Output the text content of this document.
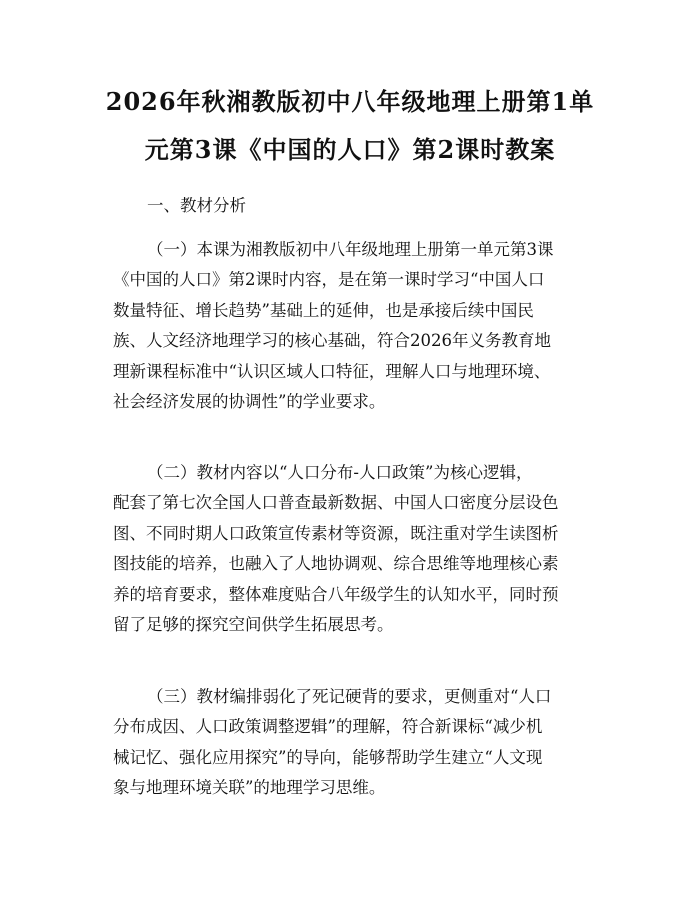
2026年秋湘教版初中八年级地理上册第1单
元第3课《中国的人口》第2课时教案
一、教材分析
（一）本课为湘教版初中八年级地理上册第一单元第3课
《中国的人口》第2课时内容，是在第一课时学习“中国人口
数量特征、增长趋势”基础上的延伸，也是承接后续中国民
族、人文经济地理学习的核心基础，符合2026年义务教育地
理新课程标准中“认识区域人口特征，理解人口与地理环境、
社会经济发展的协调性”的学业要求。
（二）教材内容以“人口分布-人口政策”为核心逻辑，
配套了第七次全国人口普查最新数据、中国人口密度分层设色
图、不同时期人口政策宣传素材等资源，既注重对学生读图析
图技能的培养，也融入了人地协调观、综合思维等地理核心素
养的培育要求，整体难度贴合八年级学生的认知水平，同时预
留了足够的探究空间供学生拓展思考。
（三）教材编排弱化了死记硬背的要求，更侧重对“人口
分布成因、人口政策调整逻辑”的理解，符合新课标“减少机
械记忆、强化应用探究”的导向，能够帮助学生建立“人文现
象与地理环境关联”的地理学习思维。
